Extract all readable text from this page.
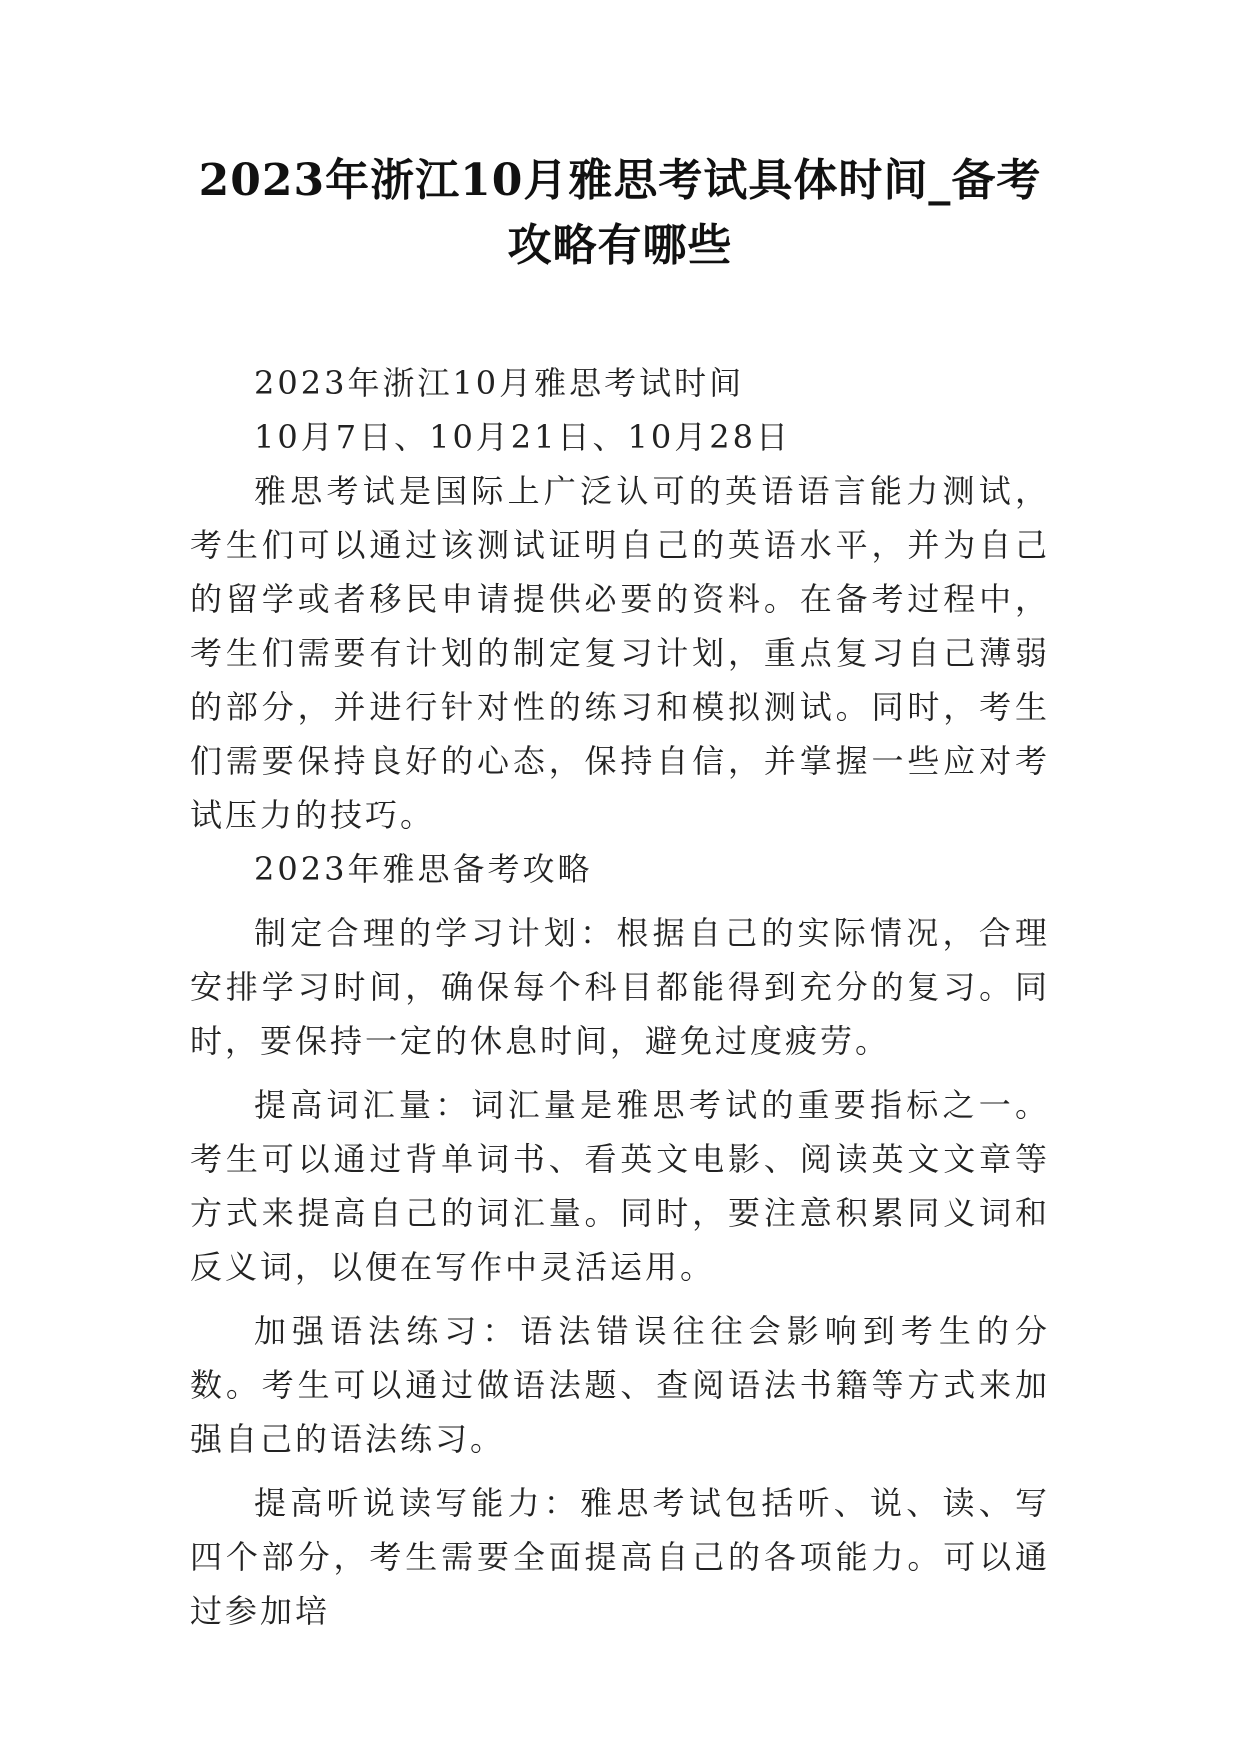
2023年浙江10月雅思考试具体时间_备考攻略有哪些

2023年浙江10月雅思考试时间

10月7日、10月21日、10月28日

雅思考试是国际上广泛认可的英语语言能力测试，考生们可以通过该测试证明自己的英语水平，并为自己的留学或者移民申请提供必要的资料。在备考过程中，考生们需要有计划的制定复习计划，重点复习自己薄弱的部分，并进行针对性的练习和模拟测试。同时，考生们需要保持良好的心态，保持自信，并掌握一些应对考试压力的技巧。

2023年雅思备考攻略

制定合理的学习计划：根据自己的实际情况，合理安排学习时间，确保每个科目都能得到充分的复习。同时，要保持一定的休息时间，避免过度疲劳。

提高词汇量：词汇量是雅思考试的重要指标之一。考生可以通过背单词书、看英文电影、阅读英文文章等方式来提高自己的词汇量。同时，要注意积累同义词和反义词，以便在写作中灵活运用。

加强语法练习：语法错误往往会影响到考生的分数。考生可以通过做语法题、查阅语法书籍等方式来加强自己的语法练习。

提高听说读写能力：雅思考试包括听、说、读、写四个部分，考生需要全面提高自己的各项能力。可以通过参加培
